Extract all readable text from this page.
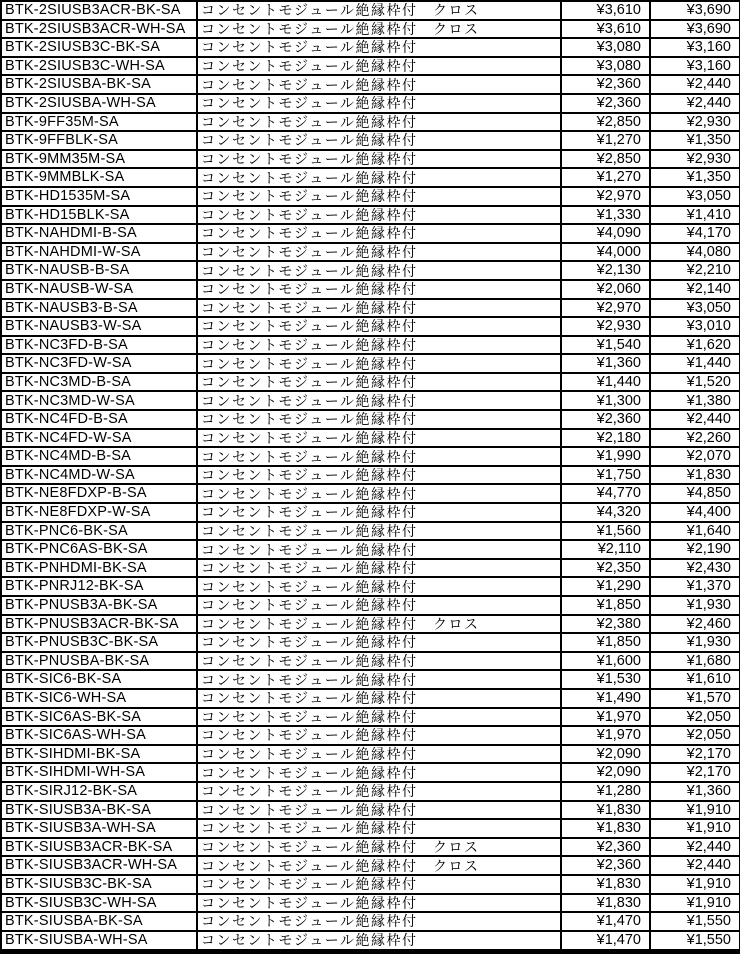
BTK-2SIUSB3ACR-BK-SA	コンセントモジュール絶縁枠付　クロス	¥3,610	¥3,690
BTK-2SIUSB3ACR-WH-SA	コンセントモジュール絶縁枠付　クロス	¥3,610	¥3,690
BTK-2SIUSB3C-BK-SA	コンセントモジュール絶縁枠付	¥3,080	¥3,160
BTK-2SIUSB3C-WH-SA	コンセントモジュール絶縁枠付	¥3,080	¥3,160
BTK-2SIUSBA-BK-SA	コンセントモジュール絶縁枠付	¥2,360	¥2,440
BTK-2SIUSBA-WH-SA	コンセントモジュール絶縁枠付	¥2,360	¥2,440
BTK-9FF35M-SA	コンセントモジュール絶縁枠付	¥2,850	¥2,930
BTK-9FFBLK-SA	コンセントモジュール絶縁枠付	¥1,270	¥1,350
BTK-9MM35M-SA	コンセントモジュール絶縁枠付	¥2,850	¥2,930
BTK-9MMBLK-SA	コンセントモジュール絶縁枠付	¥1,270	¥1,350
BTK-HD1535M-SA	コンセントモジュール絶縁枠付	¥2,970	¥3,050
BTK-HD15BLK-SA	コンセントモジュール絶縁枠付	¥1,330	¥1,410
BTK-NAHDMI-B-SA	コンセントモジュール絶縁枠付	¥4,090	¥4,170
BTK-NAHDMI-W-SA	コンセントモジュール絶縁枠付	¥4,000	¥4,080
BTK-NAUSB-B-SA	コンセントモジュール絶縁枠付	¥2,130	¥2,210
BTK-NAUSB-W-SA	コンセントモジュール絶縁枠付	¥2,060	¥2,140
BTK-NAUSB3-B-SA	コンセントモジュール絶縁枠付	¥2,970	¥3,050
BTK-NAUSB3-W-SA	コンセントモジュール絶縁枠付	¥2,930	¥3,010
BTK-NC3FD-B-SA	コンセントモジュール絶縁枠付	¥1,540	¥1,620
BTK-NC3FD-W-SA	コンセントモジュール絶縁枠付	¥1,360	¥1,440
BTK-NC3MD-B-SA	コンセントモジュール絶縁枠付	¥1,440	¥1,520
BTK-NC3MD-W-SA	コンセントモジュール絶縁枠付	¥1,300	¥1,380
BTK-NC4FD-B-SA	コンセントモジュール絶縁枠付	¥2,360	¥2,440
BTK-NC4FD-W-SA	コンセントモジュール絶縁枠付	¥2,180	¥2,260
BTK-NC4MD-B-SA	コンセントモジュール絶縁枠付	¥1,990	¥2,070
BTK-NC4MD-W-SA	コンセントモジュール絶縁枠付	¥1,750	¥1,830
BTK-NE8FDXP-B-SA	コンセントモジュール絶縁枠付	¥4,770	¥4,850
BTK-NE8FDXP-W-SA	コンセントモジュール絶縁枠付	¥4,320	¥4,400
BTK-PNC6-BK-SA	コンセントモジュール絶縁枠付	¥1,560	¥1,640
BTK-PNC6AS-BK-SA	コンセントモジュール絶縁枠付	¥2,110	¥2,190
BTK-PNHDMI-BK-SA	コンセントモジュール絶縁枠付	¥2,350	¥2,430
BTK-PNRJ12-BK-SA	コンセントモジュール絶縁枠付	¥1,290	¥1,370
BTK-PNUSB3A-BK-SA	コンセントモジュール絶縁枠付	¥1,850	¥1,930
BTK-PNUSB3ACR-BK-SA	コンセントモジュール絶縁枠付　クロス	¥2,380	¥2,460
BTK-PNUSB3C-BK-SA	コンセントモジュール絶縁枠付	¥1,850	¥1,930
BTK-PNUSBA-BK-SA	コンセントモジュール絶縁枠付	¥1,600	¥1,680
BTK-SIC6-BK-SA	コンセントモジュール絶縁枠付	¥1,530	¥1,610
BTK-SIC6-WH-SA	コンセントモジュール絶縁枠付	¥1,490	¥1,570
BTK-SIC6AS-BK-SA	コンセントモジュール絶縁枠付	¥1,970	¥2,050
BTK-SIC6AS-WH-SA	コンセントモジュール絶縁枠付	¥1,970	¥2,050
BTK-SIHDMI-BK-SA	コンセントモジュール絶縁枠付	¥2,090	¥2,170
BTK-SIHDMI-WH-SA	コンセントモジュール絶縁枠付	¥2,090	¥2,170
BTK-SIRJ12-BK-SA	コンセントモジュール絶縁枠付	¥1,280	¥1,360
BTK-SIUSB3A-BK-SA	コンセントモジュール絶縁枠付	¥1,830	¥1,910
BTK-SIUSB3A-WH-SA	コンセントモジュール絶縁枠付	¥1,830	¥1,910
BTK-SIUSB3ACR-BK-SA	コンセントモジュール絶縁枠付　クロス	¥2,360	¥2,440
BTK-SIUSB3ACR-WH-SA	コンセントモジュール絶縁枠付　クロス	¥2,360	¥2,440
BTK-SIUSB3C-BK-SA	コンセントモジュール絶縁枠付	¥1,830	¥1,910
BTK-SIUSB3C-WH-SA	コンセントモジュール絶縁枠付	¥1,830	¥1,910
BTK-SIUSBA-BK-SA	コンセントモジュール絶縁枠付	¥1,470	¥1,550
BTK-SIUSBA-WH-SA	コンセントモジュール絶縁枠付	¥1,470	¥1,550
